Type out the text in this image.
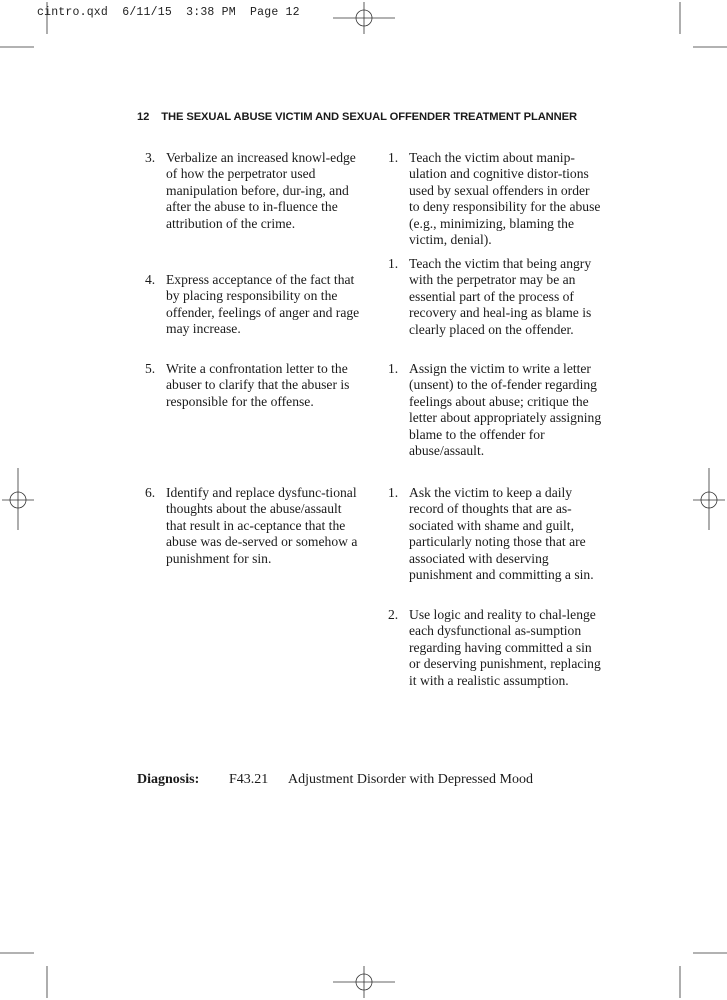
cintro.qxd  6/11/15  3:38 PM  Page 12
12 THE SEXUAL ABUSE VICTIM AND SEXUAL OFFENDER TREATMENT PLANNER
3. Verbalize an increased knowl-edge of how the perpetrator used manipulation before, dur-ing, and after the abuse to in-fluence the attribution of the crime.
4. Express acceptance of the fact that by placing responsibility on the offender, feelings of anger and rage may increase.
5. Write a confrontation letter to the abuser to clarify that the abuser is responsible for the offense.
6. Identify and replace dysfunc-tional thoughts about the abuse/assault that result in ac-ceptance that the abuse was de-served or somehow a punishment for sin.
1. Teach the victim about manip-ulation and cognitive distor-tions used by sexual offenders in order to deny responsibility for the abuse (e.g., minimizing, blaming the victim, denial).
1. Teach the victim that being angry with the perpetrator may be an essential part of the process of recovery and heal-ing as blame is clearly placed on the offender.
1. Assign the victim to write a letter (unsent) to the of-fender regarding feelings about abuse; critique the letter about appropriately assigning blame to the offender for abuse/assault.
1. Ask the victim to keep a daily record of thoughts that are as-sociated with shame and guilt, particularly noting those that are associated with deserving punishment and committing a sin.
2. Use logic and reality to chal-lenge each dysfunctional as-sumption regarding having committed a sin or deserving punishment, replacing it with a realistic assumption.
Diagnosis: F43.21 Adjustment Disorder with Depressed Mood
